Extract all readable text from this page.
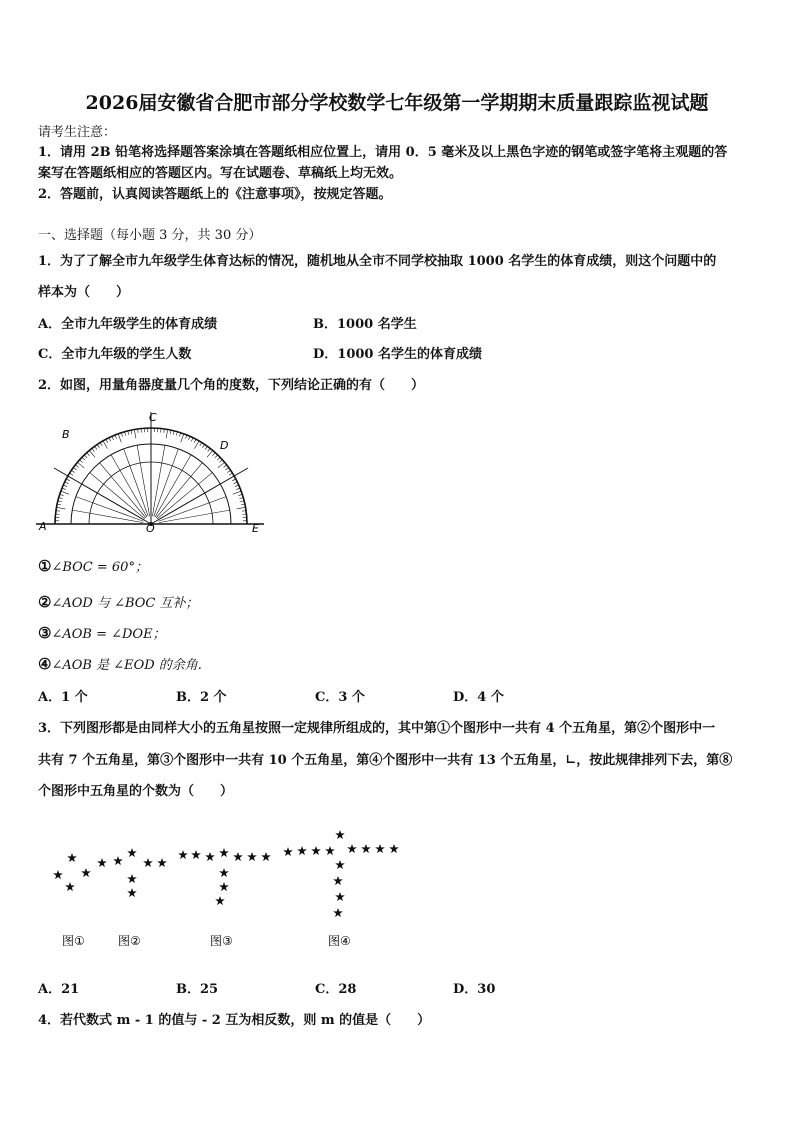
2026届安徽省合肥市部分学校数学七年级第一学期期末质量跟踪监视试题
请考生注意：
1．请用 2B 铅笔将选择题答案涂填在答题纸相应位置上，请用 0．5 毫米及以上黑色字迹的钢笔或签字笔将主观题的答
案写在答题纸相应的答题区内。写在试题卷、草稿纸上均无效。
2．答题前，认真阅读答题纸上的《注意事项》，按规定答题。
一、选择题（每小题 3 分，共 30 分）
1．为了了解全市九年级学生体育达标的情况，随机地从全市不同学校抽取 1000 名学生的体育成绩，则这个问题中的
样本为（　　）
A．全市九年级学生的体育成绩	B．1000 名学生
C．全市九年级的学生人数	D．1000 名学生的体育成绩
2．如图，用量角器度量几个角的度数，下列结论正确的有（　　）
A
B
C
D
E
O
①∠BOC = 60°；
②∠AOD 与 ∠BOC 互补；
③∠AOB = ∠DOE；
④∠AOB 是 ∠EOD 的余角.
A．1 个	B．2 个	C．3 个	D．4 个
3．下列图形都是由同样大小的五角星按照一定规律所组成的，其中第①个图形中一共有 4 个五角星，第②个图形中一
共有 7 个五角星，第③个图形中一共有 10 个五角星，第④个图形中一共有 13 个五角星，∟，按此规律排列下去，第⑧
个图形中五角星的个数为（　　）
图①	图②	图③	图④
A．21	B．25	C．28	D．30
4．若代数式 m - 1 的值与 - 2 互为相反数，则 m 的值是（　　）
